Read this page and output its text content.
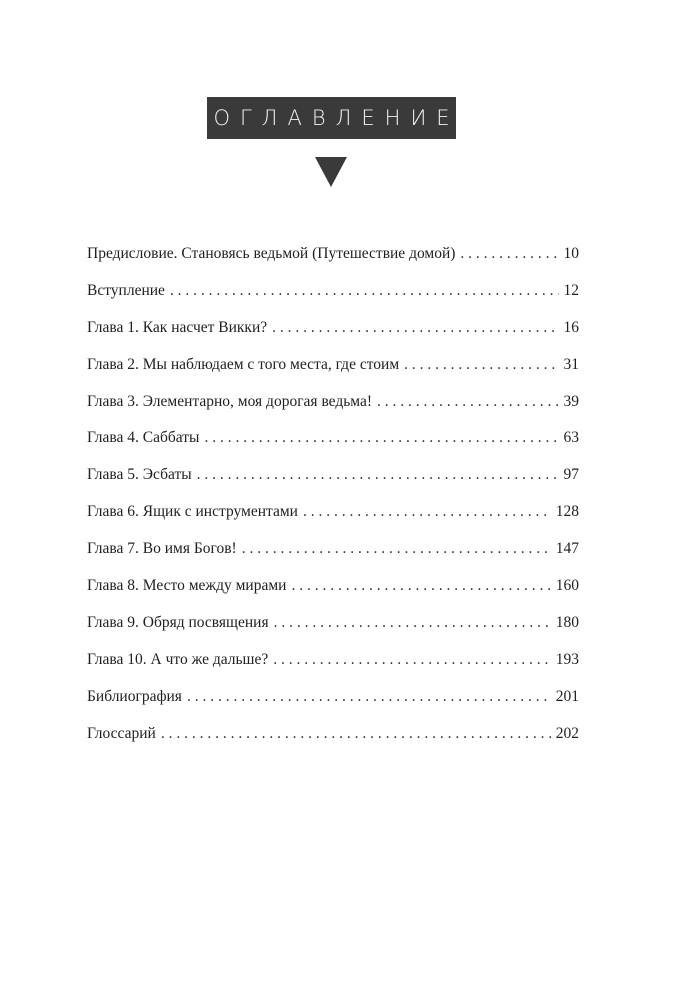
ОГЛАВЛЕНИЕ
Предисловие. Становясь ведьмой (Путешествие домой) . . .	10
Вступление . . .	12
Глава 1. Как насчет Викки? . . .	16
Глава 2. Мы наблюдаем с того места, где стоим . . .	31
Глава 3. Элементарно, моя дорогая ведьма! . . .	39
Глава 4. Саббаты . . .	63
Глава 5. Эсбаты . . .	97
Глава 6. Ящик с инструментами . . .	128
Глава 7. Во имя Богов! . . .	147
Глава 8. Место между мирами . . .	160
Глава 9. Обряд посвящения . . .	180
Глава 10. А что же дальше? . . .	193
Библиография . . .	201
Глоссарий . . .	202
